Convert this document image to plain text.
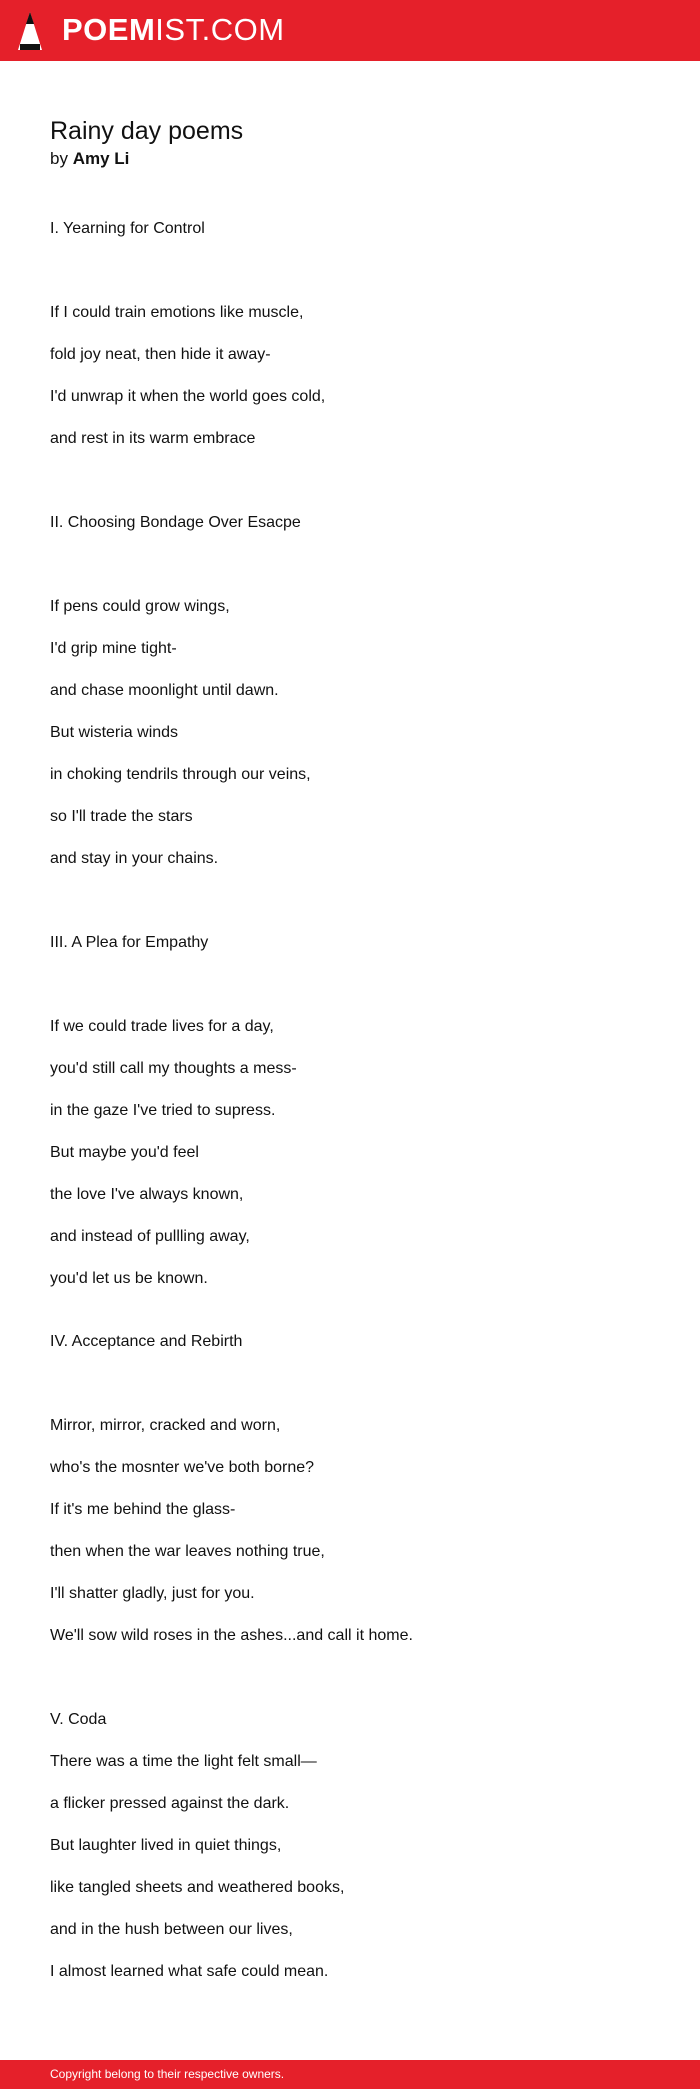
POEMIST.COM
Rainy day poems
by Amy Li
I. Yearning for Control
If I could train emotions like muscle,
fold joy neat, then hide it away-
I'd unwrap it when the world goes cold,
and rest in its warm embrace
II. Choosing Bondage Over Esacpe
If pens could grow wings,
I'd grip mine tight-
and chase moonlight until dawn.
But wisteria winds
in choking tendrils through our veins,
so I'll trade the stars
and stay in your chains.
III. A Plea for Empathy
If we could trade lives for a day,
you'd still call my thoughts a mess-
in the gaze I've tried to supress.
But maybe you'd feel
the love I've always known,
and instead of pullling away,
you'd let us be known.
IV. Acceptance and Rebirth
Mirror, mirror, cracked and worn,
who's the mosnter we've both borne?
If it's me behind the glass-
then when the war leaves nothing true,
I'll shatter gladly, just for you.
We'll sow wild roses in the ashes...and call it home.
V. Coda
There was a time the light felt small—
a flicker pressed against the dark.
But laughter lived in quiet things,
like tangled sheets and weathered books,
and in the hush between our lives,
I almost learned what safe could mean.
Copyright belong to their respective owners.
